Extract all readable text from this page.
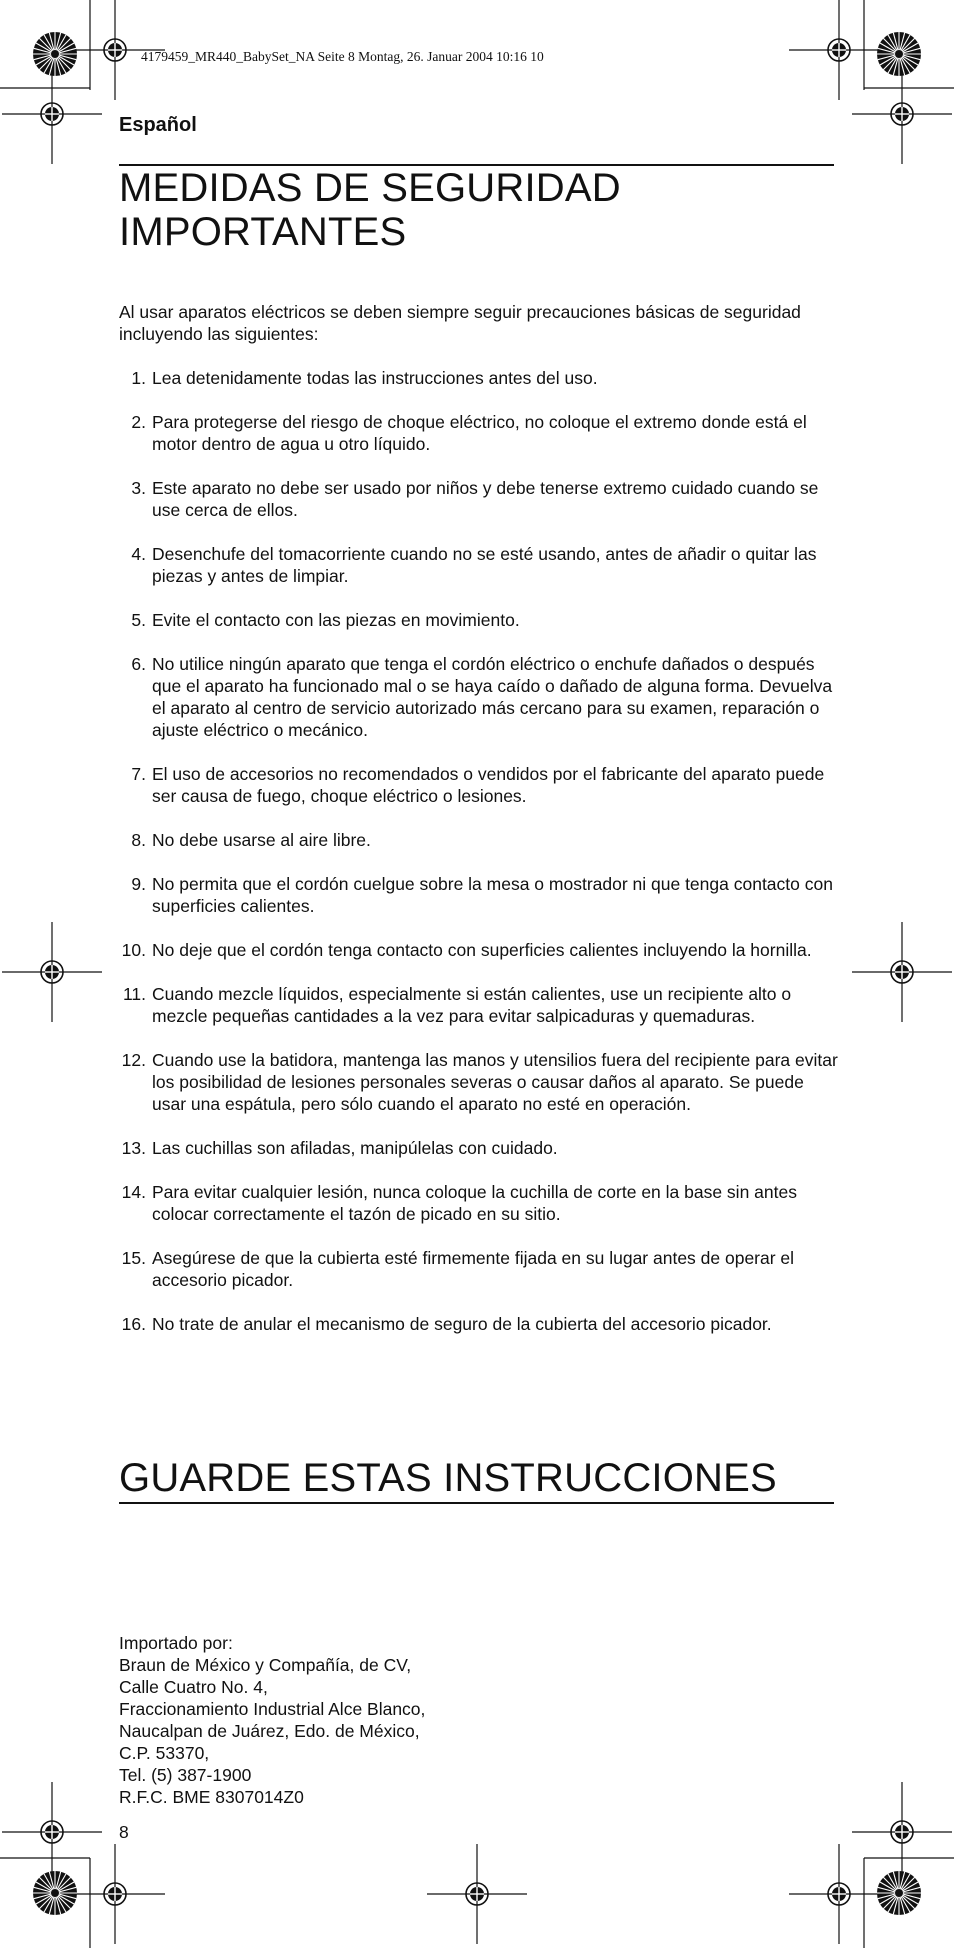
4179459_MR440_BabySet_NA Seite 8 Montag, 26. Januar 2004 10:16 10
Español
MEDIDAS DE SEGURIDAD
IMPORTANTES

Al usar aparatos eléctricos se deben siempre seguir precauciones básicas de seguridad incluyendo las siguientes:

1. Lea detenidamente todas las instrucciones antes del uso.
2. Para protegerse del riesgo de choque eléctrico, no coloque el extremo donde está el motor dentro de agua u otro líquido.
3. Este aparato no debe ser usado por niños y debe tenerse extremo cuidado cuando se use cerca de ellos.
4. Desenchufe del tomacorriente cuando no se esté usando, antes de añadir o quitar las piezas y antes de limpiar.
5. Evite el contacto con las piezas en movimiento.
6. No utilice ningún aparato que tenga el cordón eléctrico o enchufe dañados o después que el aparato ha funcionado mal o se haya caído o dañado de alguna forma. Devuelva el aparato al centro de servicio autorizado más cercano para su examen, reparación o ajuste eléctrico o mecánico.
7. El uso de accesorios no recomendados o vendidos por el fabricante del aparato puede ser causa de fuego, choque eléctrico o lesiones.
8. No debe usarse al aire libre.
9. No permita que el cordón cuelgue sobre la mesa o mostrador ni que tenga contacto con superficies calientes.
10. No deje que el cordón tenga contacto con superficies calientes incluyendo la hornilla.
11. Cuando mezcle líquidos, especialmente si están calientes, use un recipiente alto o mezcle pequeñas cantidades a la vez para evitar salpicaduras y quemaduras.
12. Cuando use la batidora, mantenga las manos y utensilios fuera del recipiente para evitar los posibilidad de lesiones personales severas o causar daños al aparato. Se puede usar una espátula, pero sólo cuando el aparato no esté en operación.
13. Las cuchillas son afiladas, manipúlelas con cuidado.
14. Para evitar cualquier lesión, nunca coloque la cuchilla de corte en la base sin antes colocar correctamente el tazón de picado en su sitio.
15. Asegúrese de que la cubierta esté firmemente fijada en su lugar antes de operar el accesorio picador.
16. No trate de anular el mecanismo de seguro de la cubierta del accesorio picador.
GUARDE ESTAS INSTRUCCIONES
Importado por:
Braun de México y Compañía, de CV,
Calle Cuatro No. 4,
Fraccionamiento Industrial Alce Blanco,
Naucalpan de Juárez, Edo. de México,
C.P. 53370,
Tel. (5) 387-1900
R.F.C. BME 8307014Z0
8
